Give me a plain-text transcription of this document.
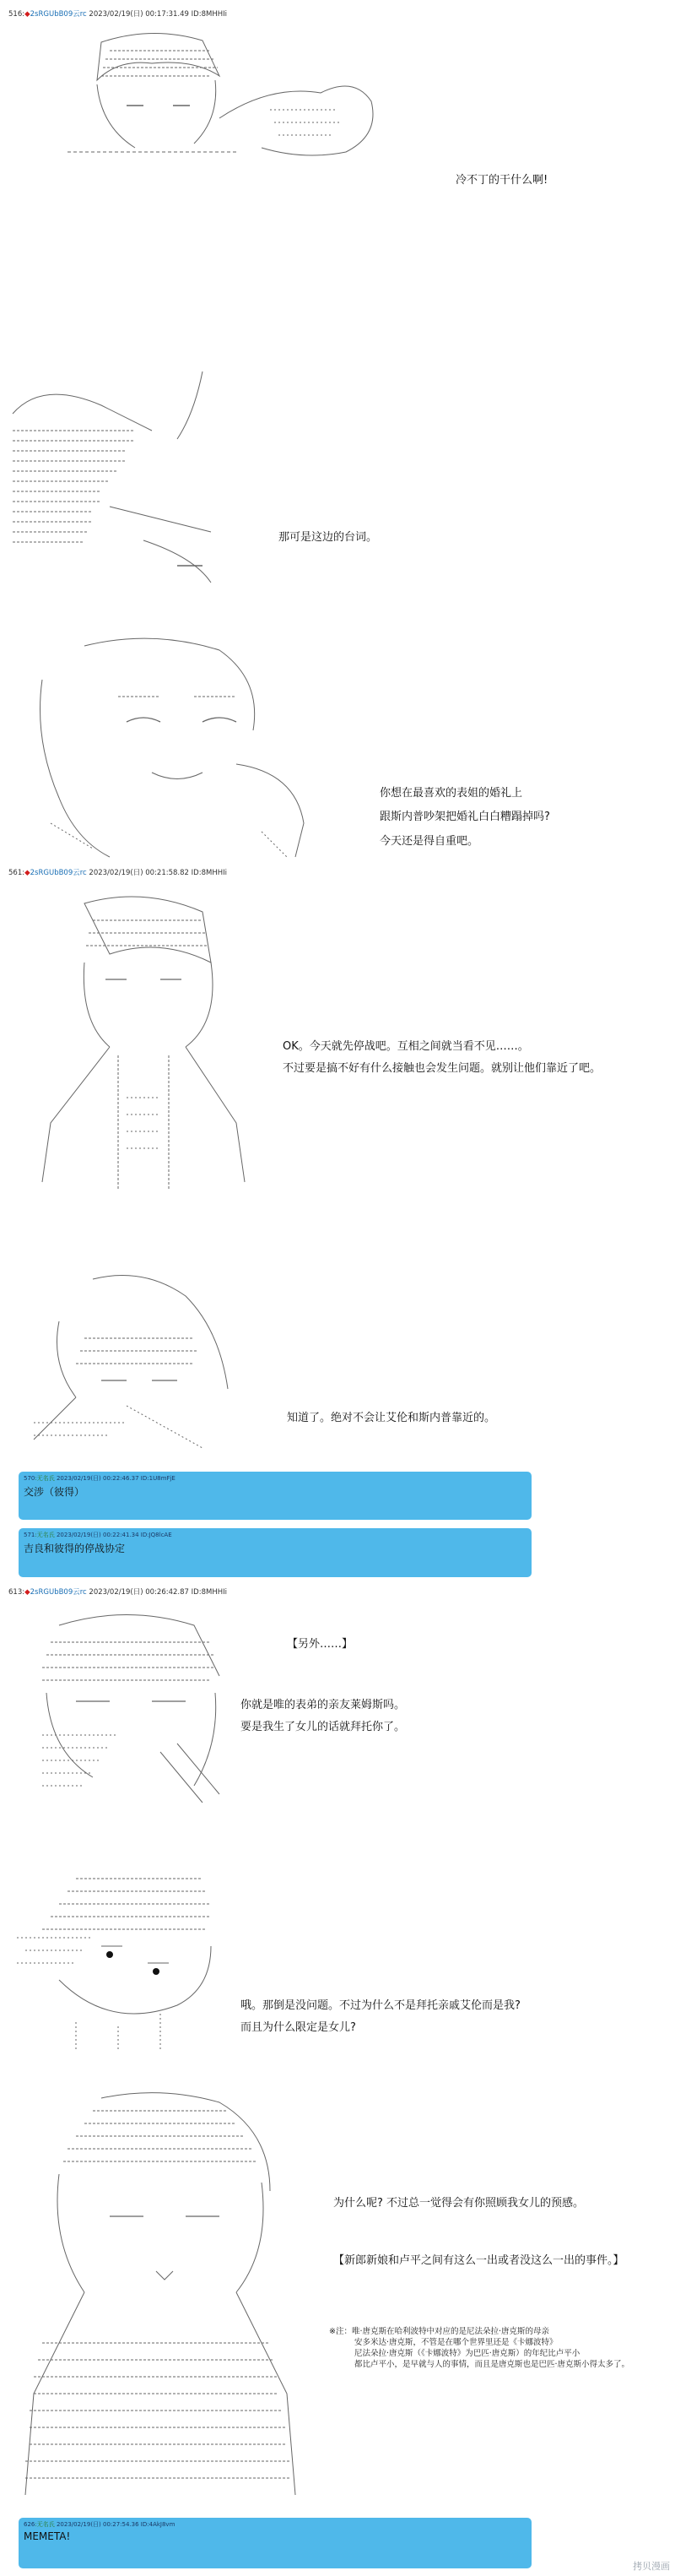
516:◆2sRGUbB09云rc 2023/02/19(日) 00:17:31.49 ID:8MHHIi
冷不丁的干什么啊!
那可是这边的台词。
你想在最喜欢的表姐的婚礼上
跟斯内普吵架把婚礼白白糟蹋掉吗?
今天还是得自重吧。
561:◆2sRGUbB09云rc 2023/02/19(日) 00:21:58.82 ID:8MHHIi
OK。今天就先停战吧。互相之间就当看不见……。
不过要是搞不好有什么接触也会发生问题。就别让他们靠近了吧。
知道了。绝对不会让艾伦和斯内普靠近的。
570:无名氏 2023/02/19(日) 00:22:46.37 ID:1U8mFjE
交涉（彼得）
571:无名氏 2023/02/19(日) 00:22:41.34 ID:JQ8lcAE
吉良和彼得的停战协定
613:◆2sRGUbB09云rc 2023/02/19(日) 00:26:42.87 ID:8MHHIi
【另外……】
你就是唯的表弟的亲友莱姆斯吗。
要是我生了女儿的话就拜托你了。
哦。那倒是没问题。不过为什么不是拜托亲戚艾伦而是我?
而且为什么限定是女儿?
为什么呢? 不过总一觉得会有你照顾我女儿的预感。
【新郎新娘和卢平之间有这么一出或者没这么一出的事件。】
※注：唯·唐克斯在哈利波特中对应的是尼法朵拉·唐克斯的母亲
安多米达·唐克斯，不管是在哪个世界里还是《卡娜波特》
尼法朵拉·唐克斯（《卡娜波特》为巴匹·唐克斯）的年纪比卢平小
都比卢平小，是早就与人的事情，而且是唐克斯也是巴匹·唐克斯小得太多了。
626:无名氏 2023/02/19(日) 00:27:54.36 ID:4AkJ8vm
MEMETA!
拷贝漫画
